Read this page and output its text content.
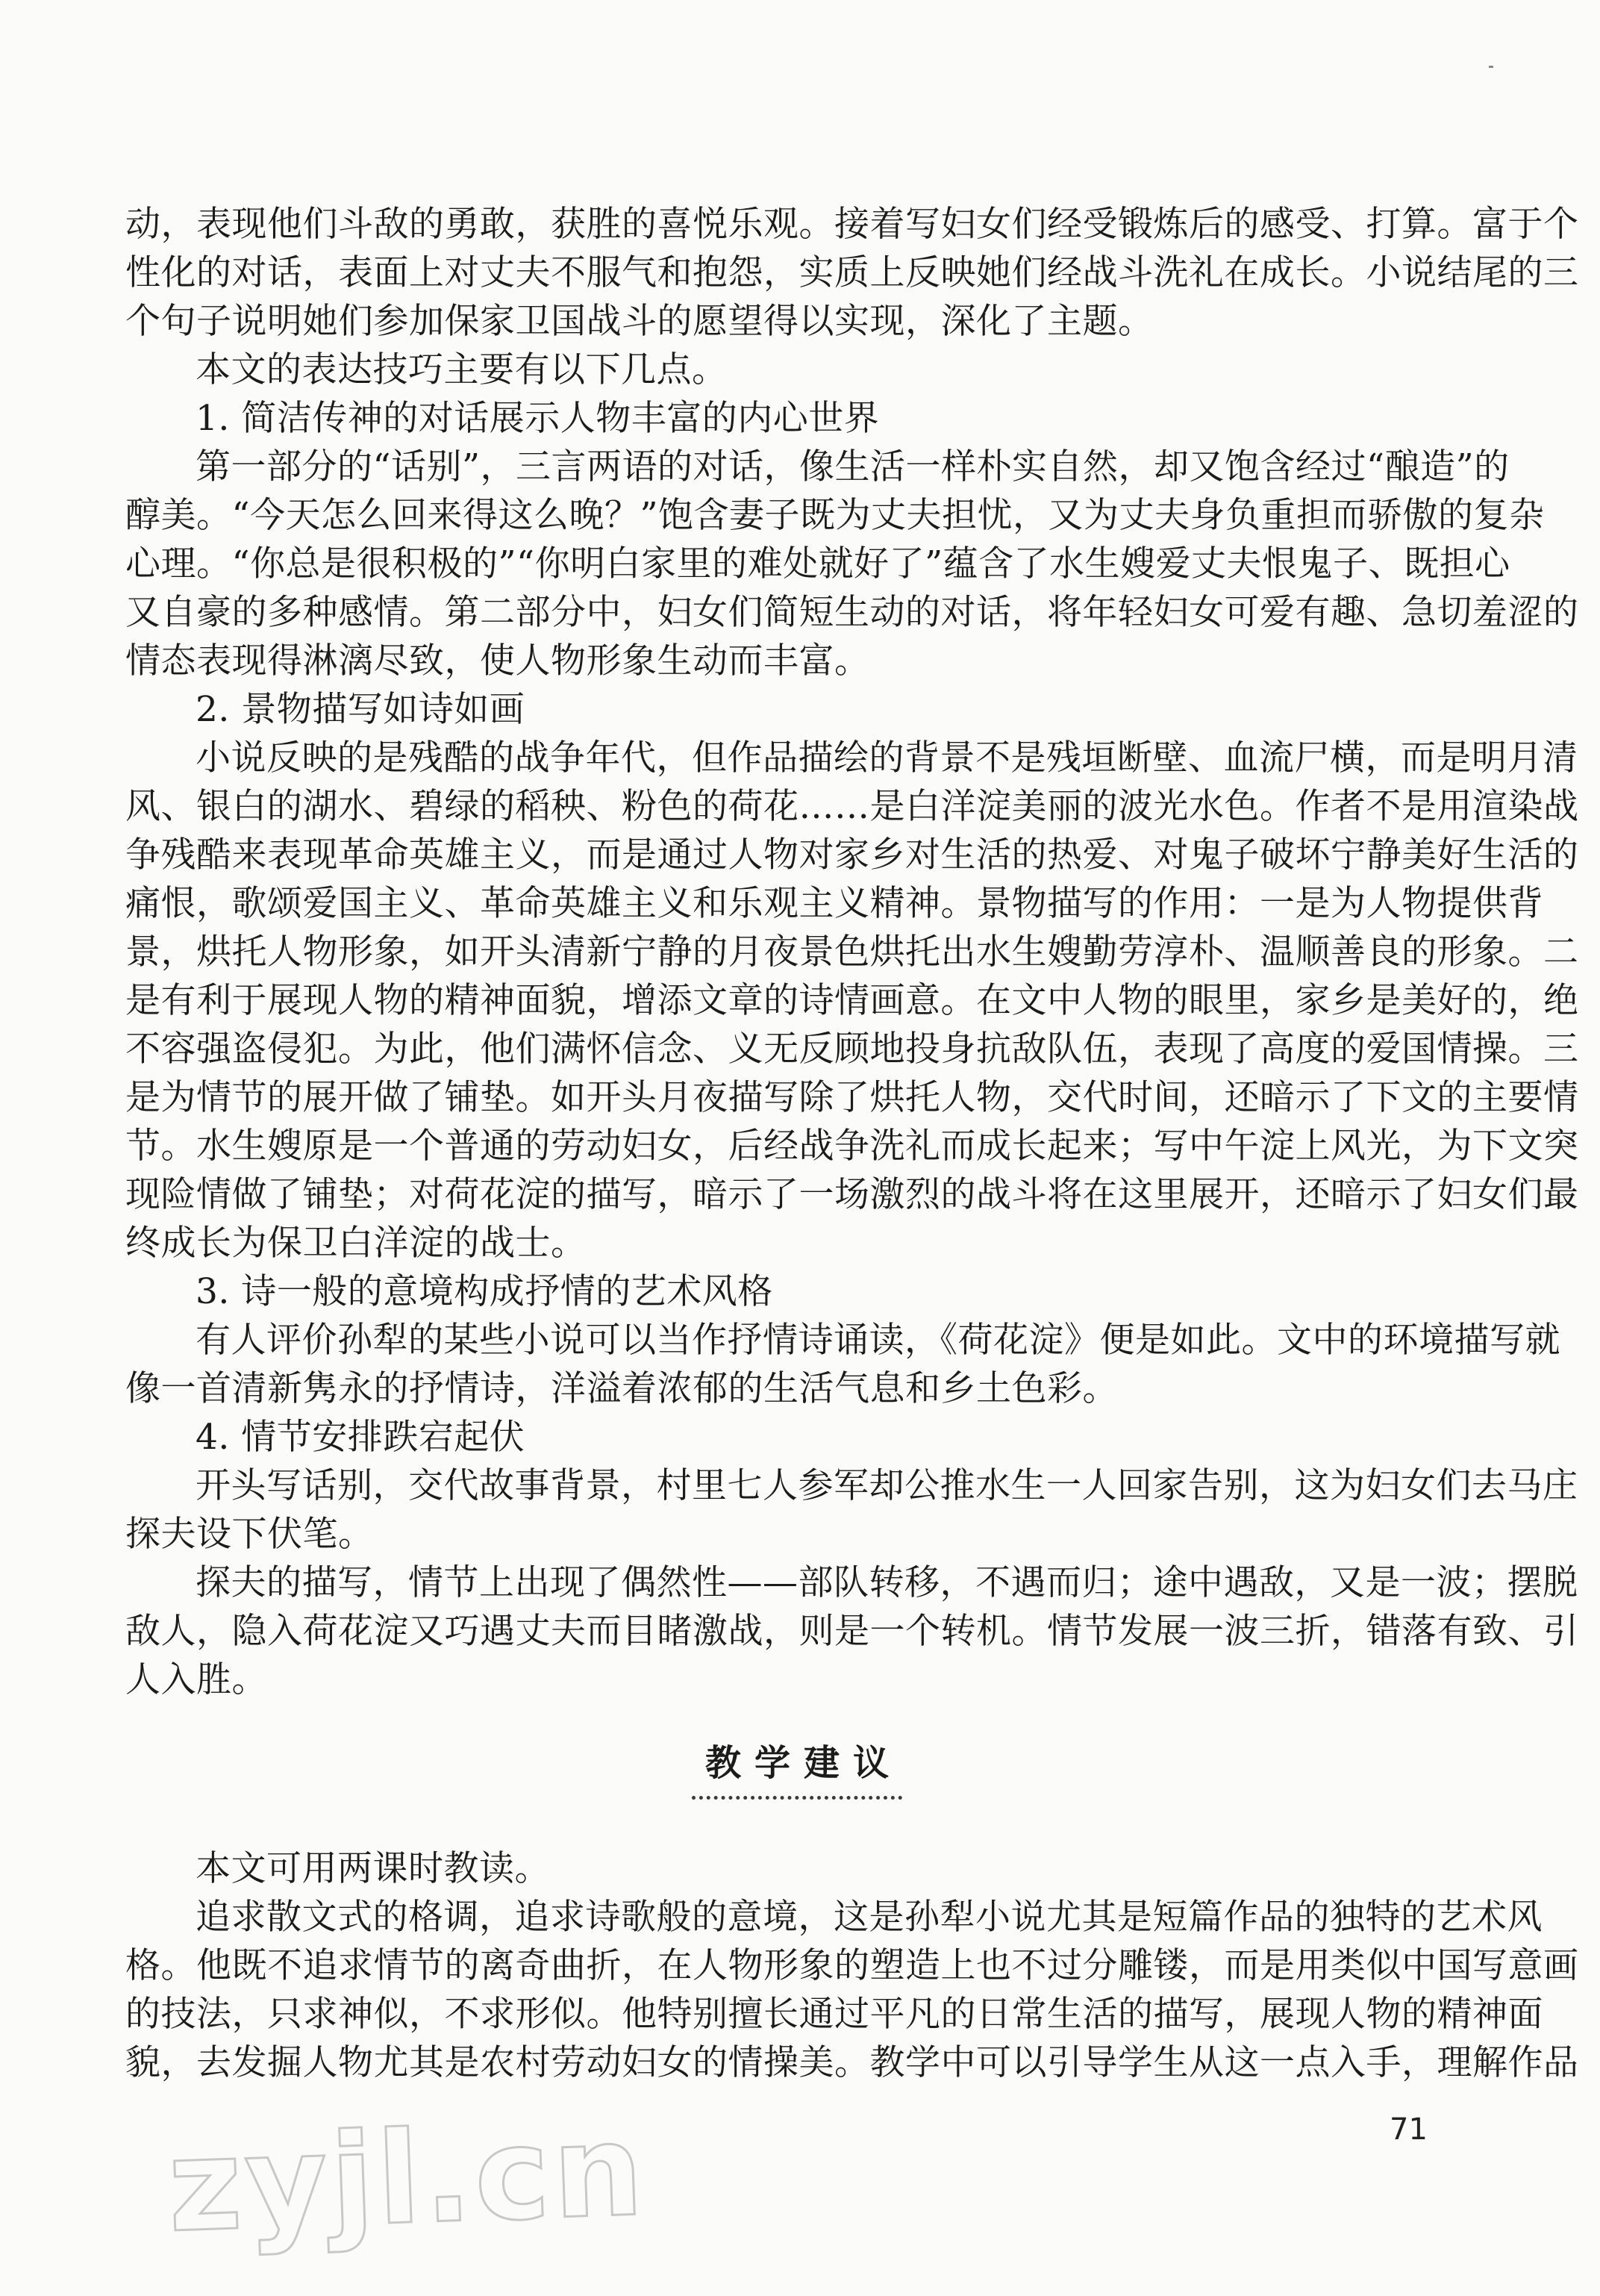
动，表现他们斗敌的勇敢，获胜的喜悦乐观。接着写妇女们经受锻炼后的感受、打算。富于个
性化的对话，表面上对丈夫不服气和抱怨，实质上反映她们经战斗洗礼在成长。小说结尾的三
个句子说明她们参加保家卫国战斗的愿望得以实现，深化了主题。
本文的表达技巧主要有以下几点。
1. 简洁传神的对话展示人物丰富的内心世界
第一部分的“话别”，三言两语的对话，像生活一样朴实自然，却又饱含经过“酿造”的
醇美。“今天怎么回来得这么晚？”饱含妻子既为丈夫担忧，又为丈夫身负重担而骄傲的复杂
心理。“你总是很积极的”“你明白家里的难处就好了”蕴含了水生嫂爱丈夫恨鬼子、既担心
又自豪的多种感情。第二部分中，妇女们简短生动的对话，将年轻妇女可爱有趣、急切羞涩的
情态表现得淋漓尽致，使人物形象生动而丰富。
2. 景物描写如诗如画
小说反映的是残酷的战争年代，但作品描绘的背景不是残垣断壁、血流尸横，而是明月清
风、银白的湖水、碧绿的稻秧、粉色的荷花……是白洋淀美丽的波光水色。作者不是用渲染战
争残酷来表现革命英雄主义，而是通过人物对家乡对生活的热爱、对鬼子破坏宁静美好生活的
痛恨，歌颂爱国主义、革命英雄主义和乐观主义精神。景物描写的作用：一是为人物提供背
景，烘托人物形象，如开头清新宁静的月夜景色烘托出水生嫂勤劳淳朴、温顺善良的形象。二
是有利于展现人物的精神面貌，增添文章的诗情画意。在文中人物的眼里，家乡是美好的，绝
不容强盗侵犯。为此，他们满怀信念、义无反顾地投身抗敌队伍，表现了高度的爱国情操。三
是为情节的展开做了铺垫。如开头月夜描写除了烘托人物，交代时间，还暗示了下文的主要情
节。水生嫂原是一个普通的劳动妇女，后经战争洗礼而成长起来；写中午淀上风光，为下文突
现险情做了铺垫；对荷花淀的描写，暗示了一场激烈的战斗将在这里展开，还暗示了妇女们最
终成长为保卫白洋淀的战士。
3. 诗一般的意境构成抒情的艺术风格
有人评价孙犁的某些小说可以当作抒情诗诵读，《荷花淀》便是如此。文中的环境描写就
像一首清新隽永的抒情诗，洋溢着浓郁的生活气息和乡土色彩。
4. 情节安排跌宕起伏
开头写话别，交代故事背景，村里七人参军却公推水生一人回家告别，这为妇女们去马庄
探夫设下伏笔。
探夫的描写，情节上出现了偶然性——部队转移，不遇而归；途中遇敌，又是一波；摆脱
敌人，隐入荷花淀又巧遇丈夫而目睹激战，则是一个转机。情节发展一波三折，错落有致、引
人入胜。
教学建议
本文可用两课时教读。
追求散文式的格调，追求诗歌般的意境，这是孙犁小说尤其是短篇作品的独特的艺术风
格。他既不追求情节的离奇曲折，在人物形象的塑造上也不过分雕镂，而是用类似中国写意画
的技法，只求神似，不求形似。他特别擅长通过平凡的日常生活的描写，展现人物的精神面
貌，去发掘人物尤其是农村劳动妇女的情操美。教学中可以引导学生从这一点入手，理解作品
71
zyjl.cn
